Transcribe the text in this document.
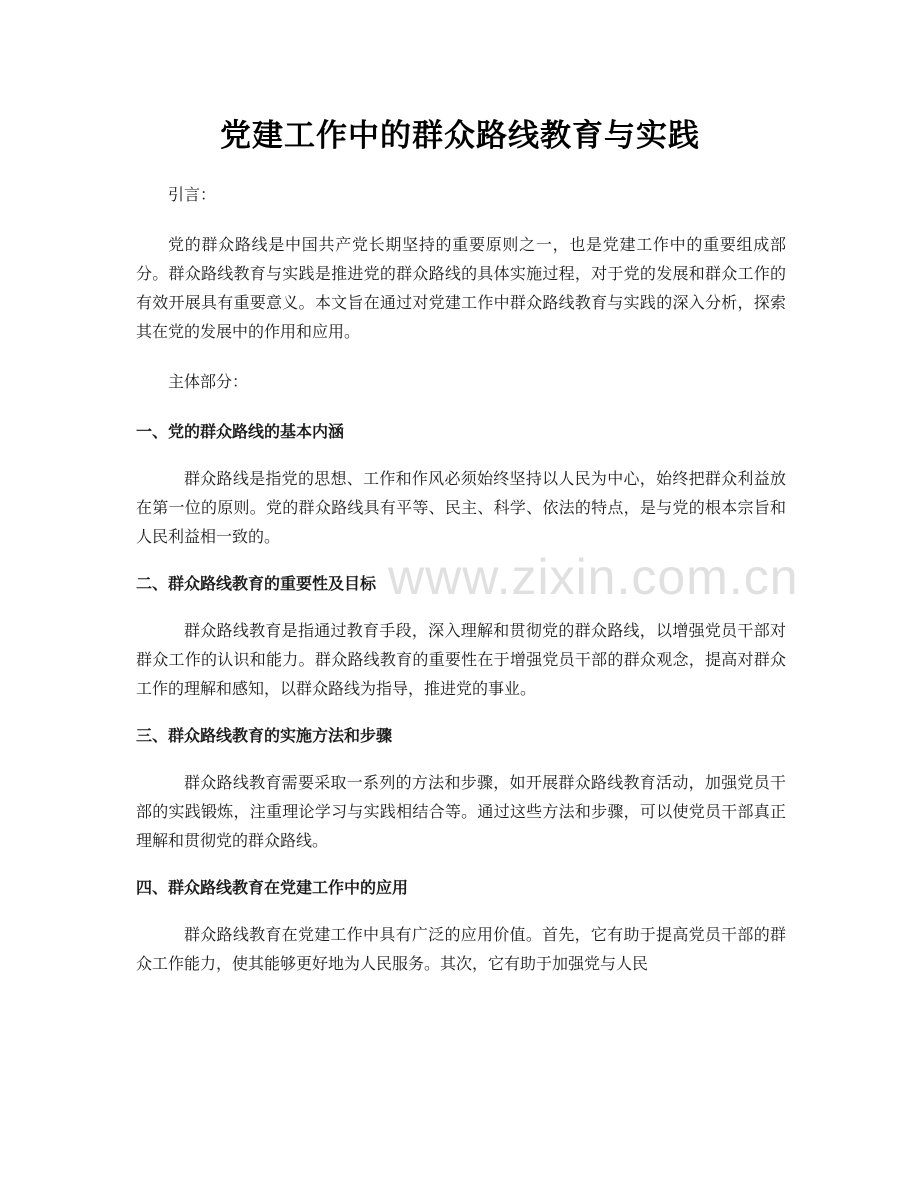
党建工作中的群众路线教育与实践

引言：

党的群众路线是中国共产党长期坚持的重要原则之一，也是党建工作中的重要组成部分。群众路线教育与实践是推进党的群众路线的具体实施过程，对于党的发展和群众工作的有效开展具有重要意义。本文旨在通过对党建工作中群众路线教育与实践的深入分析，探索其在党的发展中的作用和应用。

主体部分：

一、党的群众路线的基本内涵

群众路线是指党的思想、工作和作风必须始终坚持以人民为中心，始终把群众利益放在第一位的原则。党的群众路线具有平等、民主、科学、依法的特点，是与党的根本宗旨和人民利益相一致的。

二、群众路线教育的重要性及目标

群众路线教育是指通过教育手段，深入理解和贯彻党的群众路线，以增强党员干部对群众工作的认识和能力。群众路线教育的重要性在于增强党员干部的群众观念，提高对群众工作的理解和感知，以群众路线为指导，推进党的事业。

三、群众路线教育的实施方法和步骤

群众路线教育需要采取一系列的方法和步骤，如开展群众路线教育活动，加强党员干部的实践锻炼，注重理论学习与实践相结合等。通过这些方法和步骤，可以使党员干部真正理解和贯彻党的群众路线。

四、群众路线教育在党建工作中的应用

群众路线教育在党建工作中具有广泛的应用价值。首先，它有助于提高党员干部的群众工作能力，使其能够更好地为人民服务。其次，它有助于加强党与人民

www.zixin.com.cn
